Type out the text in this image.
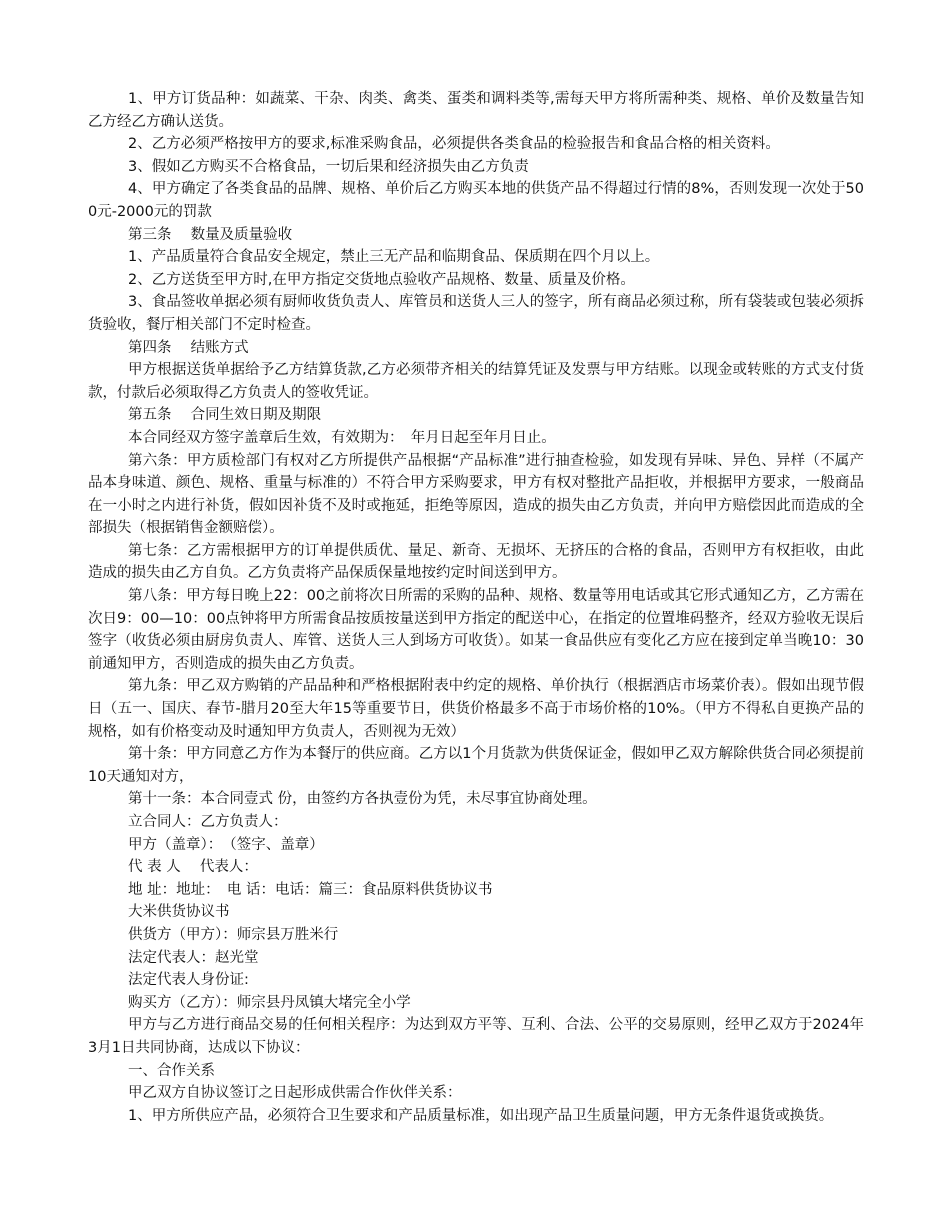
1、甲方订货品种：如蔬菜、干杂、肉类、禽类、蛋类和调料类等,需每天甲方将所需种类、规格、单价及数量告知乙方经乙方确认送货。

2、乙方必须严格按甲方的要求,标准采购食品，必须提供各类食品的检验报告和食品合格的相关资料。

3、假如乙方购买不合格食品，一切后果和经济损失由乙方负责

4、甲方确定了各类食品的品牌、规格、单价后乙方购买本地的供货产品不得超过行情的8%，否则发现一次处于500元-2000元的罚款

第三条　 数量及质量验收

1、产品质量符合食品安全规定，禁止三无产品和临期食品、保质期在四个月以上。

2、乙方送货至甲方时,在甲方指定交货地点验收产品规格、数量、质量及价格。

3、食品签收单据必须有厨师收货负责人、库管员和送货人三人的签字，所有商品必须过称，所有袋装或包装必须拆货验收，餐厅相关部门不定时检查。

第四条　 结账方式

甲方根据送货单据给予乙方结算货款,乙方必须带齐相关的结算凭证及发票与甲方结账。以现金或转账的方式支付货款，付款后必须取得乙方负责人的签收凭证。

第五条　 合同生效日期及期限

本合同经双方签字盖章后生效，有效期为：　年月日起至年月日止。

第六条：甲方质检部门有权对乙方所提供产品根据“产品标准”进行抽查检验，如发现有异味、异色、异样（不属产品本身味道、颜色、规格、重量与标准的）不符合甲方采购要求，甲方有权对整批产品拒收，并根据甲方要求，一般商品在一小时之内进行补货，假如因补货不及时或拖延，拒绝等原因，造成的损失由乙方负责，并向甲方赔偿因此而造成的全部损失（根据销售金额赔偿）。

第七条：乙方需根据甲方的订单提供质优、量足、新奇、无损坏、无挤压的合格的食品，否则甲方有权拒收，由此造成的损失由乙方自负。乙方负责将产品保质保量地按约定时间送到甲方。

第八条：甲方每日晚上22：00之前将次日所需的采购的品种、规格、数量等用电话或其它形式通知乙方，乙方需在次日9：00—10：00点钟将甲方所需食品按质按量送到甲方指定的配送中心，在指定的位置堆码整齐，经双方验收无误后签字（收货必须由厨房负责人、库管、送货人三人到场方可收货）。如某一食品供应有变化乙方应在接到定单当晚10：30前通知甲方，否则造成的损失由乙方负责。

第九条：甲乙双方购销的产品品种和严格根据附表中约定的规格、单价执行（根据酒店市场菜价表）。假如出现节假日（五一、国庆、春节-腊月20至大年15等重要节日，供货价格最多不高于市场价格的10%。（甲方不得私自更换产品的规格，如有价格变动及时通知甲方负责人，否则视为无效）

第十条：甲方同意乙方作为本餐厅的供应商。乙方以1个月货款为供货保证金，假如甲乙双方解除供货合同必须提前10天通知对方，

第十一条：本合同壹式 份，由签约方各执壹份为凭，未尽事宜协商处理。

立合同人：乙方负责人：

甲方（盖章）：　（签字、盖章）

代 表 人　 代表人：

地 址：地址：　电 话：电话：篇三：食品原料供货协议书

大米供货协议书

供货方（甲方）：师宗县万胜米行

法定代表人：赵光堂

法定代表人身份证:

购买方（乙方）：师宗县丹凤镇大堵完全小学

甲方与乙方进行商品交易的任何相关程序：为达到双方平等、互利、合法、公平的交易原则，经甲乙双方于2024年3月1日共同协商，达成以下协议：

一、合作关系

甲乙双方自协议签订之日起形成供需合作伙伴关系：

1、甲方所供应产品，必须符合卫生要求和产品质量标准，如出现产品卫生质量问题，甲方无条件退货或换货。
